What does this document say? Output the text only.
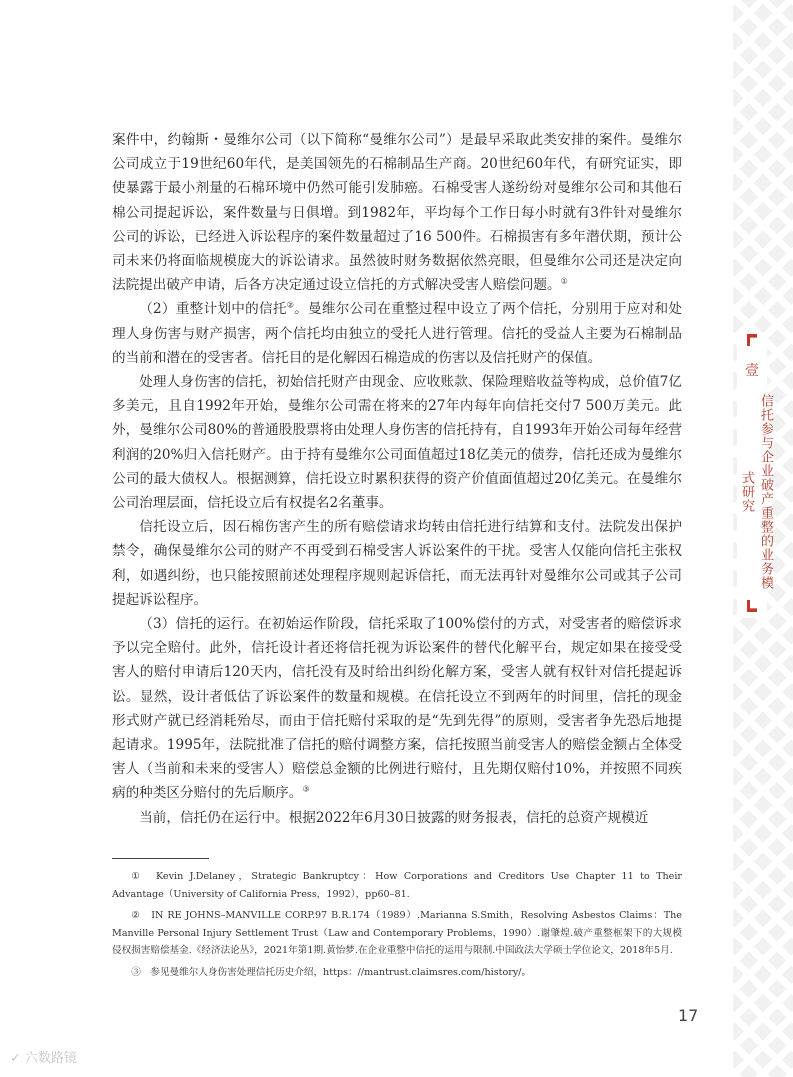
壹
信托参与企业破产重整的业务模式研究

案件中，约翰斯・曼维尔公司（以下简称“曼维尔公司”）是最早采取此类安排的案件。曼维尔公司成立于19世纪60年代，是美国领先的石棉制品生产商。20世纪60年代，有研究证实，即使暴露于最小剂量的石棉环境中仍然可能引发肺癌。石棉受害人遂纷纷对曼维尔公司和其他石棉公司提起诉讼，案件数量与日俱增。到1982年，平均每个工作日每小时就有3件针对曼维尔公司的诉讼，已经进入诉讼程序的案件数量超过了16 500件。石棉损害有多年潜伏期，预计公司未来仍将面临规模庞大的诉讼请求。虽然彼时财务数据依然亮眼，但曼维尔公司还是决定向法院提出破产申请，后各方决定通过设立信托的方式解决受害人赔偿问题。①

（2）重整计划中的信托②。曼维尔公司在重整过程中设立了两个信托，分别用于应对和处理人身伤害与财产损害，两个信托均由独立的受托人进行管理。信托的受益人主要为石棉制品的当前和潜在的受害者。信托目的是化解因石棉造成的伤害以及信托财产的保值。

处理人身伤害的信托，初始信托财产由现金、应收账款、保险理赔收益等构成，总价值7亿多美元，且自1992年开始，曼维尔公司需在将来的27年内每年向信托交付7 500万美元。此外，曼维尔公司80%的普通股股票将由处理人身伤害的信托持有，自1993年开始公司每年经营利润的20%归入信托财产。由于持有曼维尔公司面值超过18亿美元的债券，信托还成为曼维尔公司的最大债权人。根据测算，信托设立时累积获得的资产价值面值超过20亿美元。在曼维尔公司治理层面，信托设立后有权提名2名董事。

信托设立后，因石棉伤害产生的所有赔偿请求均转由信托进行结算和支付。法院发出保护禁令，确保曼维尔公司的财产不再受到石棉受害人诉讼案件的干扰。受害人仅能向信托主张权利，如遇纠纷，也只能按照前述处理程序规则起诉信托，而无法再针对曼维尔公司或其子公司提起诉讼程序。

（3）信托的运行。在初始运作阶段，信托采取了100%偿付的方式，对受害者的赔偿诉求予以完全赔付。此外，信托设计者还将信托视为诉讼案件的替代化解平台，规定如果在接受受害人的赔付申请后120天内，信托没有及时给出纠纷化解方案，受害人就有权针对信托提起诉讼。显然，设计者低估了诉讼案件的数量和规模。在信托设立不到两年的时间里，信托的现金形式财产就已经消耗殆尽，而由于信托赔付采取的是“先到先得”的原则，受害者争先恐后地提起请求。1995年，法院批准了信托的赔付调整方案，信托按照当前受害人的赔偿金额占全体受害人（当前和未来的受害人）赔偿总金额的比例进行赔付，且先期仅赔付10%，并按照不同疾病的种类区分赔付的先后顺序。③

当前，信托仍在运行中。根据2022年6月30日披露的财务报表，信托的总资产规模近

①　Kevin J.Delaney，Strategic Bankruptcy：How Corporations and Creditors Use Chapter 11 to Their Advantage（University of California Press，1992），pp60–81.

②　IN RE JOHNS–MANVILLE CORP.97 B.R.174（1989）.Marianna S.Smith，Resolving Asbestos Claims：The Manville Personal Injury Settlement Trust（Law and Contemporary Problems，1990）.谢肇煌.破产重整框架下的大规模侵权损害赔偿基金.《经济法论丛》，2021年第1期.黄怡梦.在企业重整中信托的运用与限制.中国政法大学硕士学位论文，2018年5月.

③　参见曼维尔人身伤害处理信托历史介绍，https：//mantrust.claimsres.com/history/。

17
✓ 六数路镜
